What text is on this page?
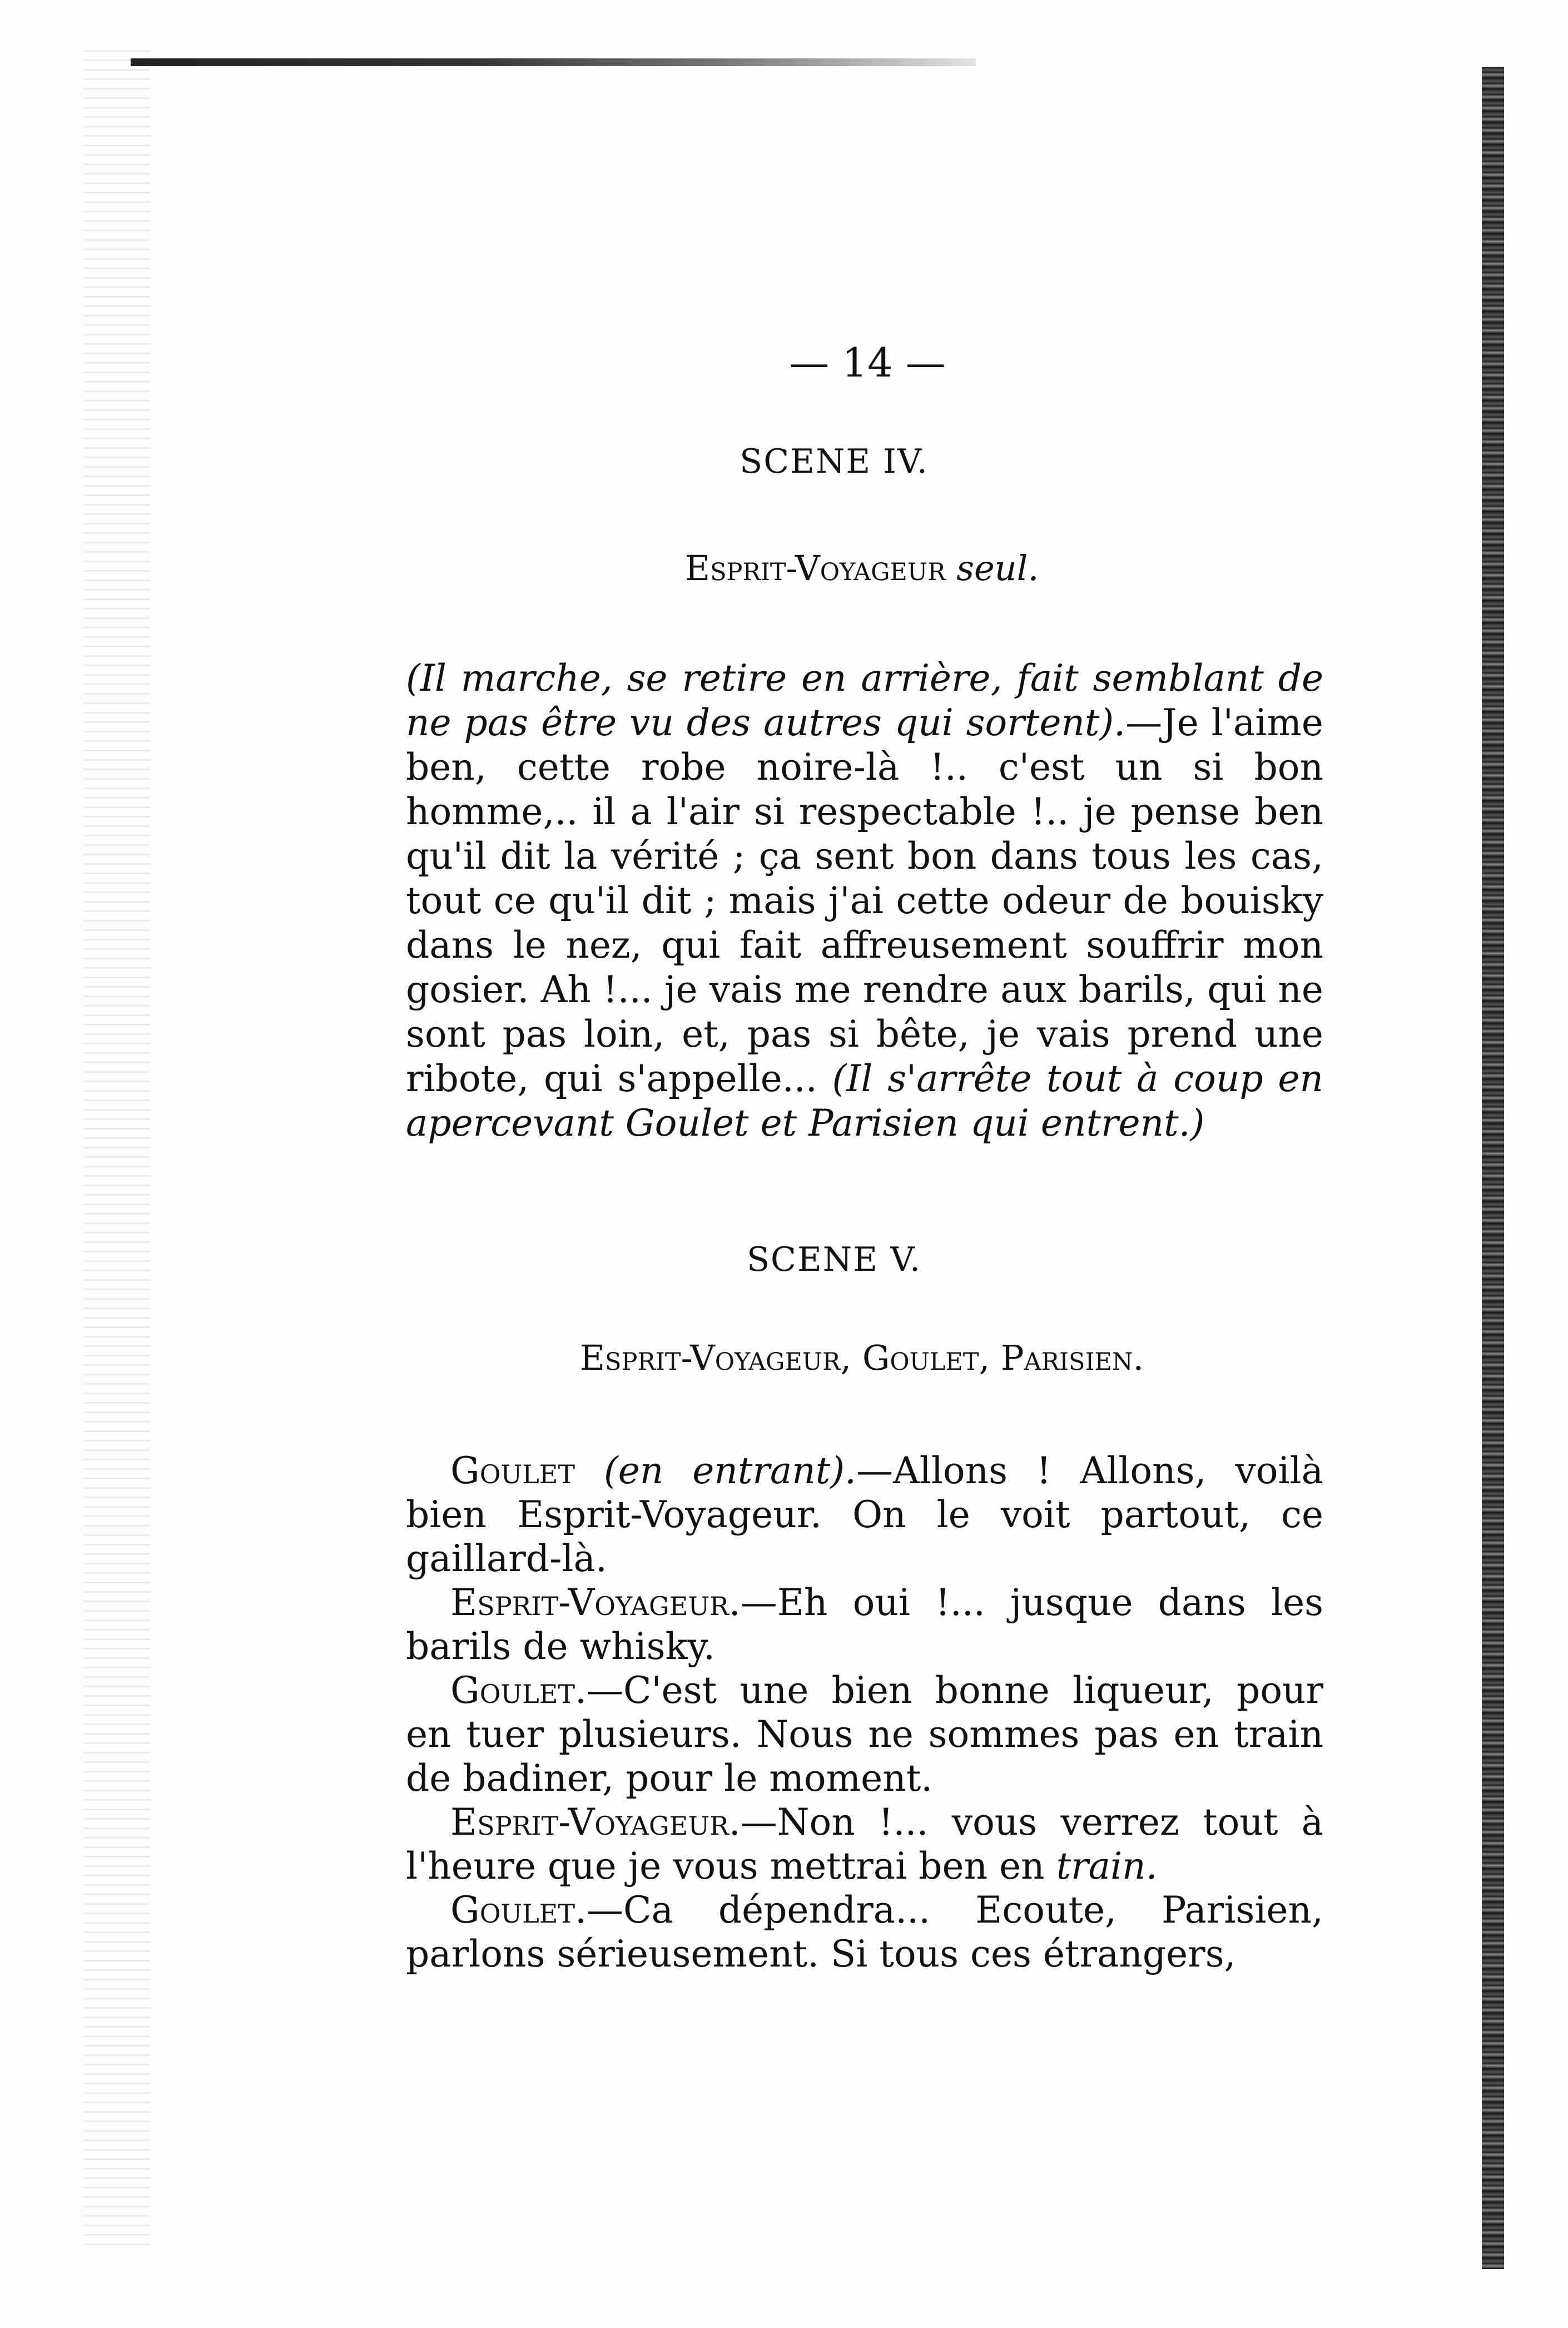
— 14 —
SCENE IV.
Esprit-Voyageur seul.
(Il marche, se retire en arrière, fait semblant de ne pas être vu des autres qui sortent).—Je l'aime ben, cette robe noire-là !.. c'est un si bon homme,.. il a l'air si respectable !.. je pense ben qu'il dit la vérité ; ça sent bon dans tous les cas, tout ce qu'il dit ; mais j'ai cette odeur de bouisky dans le nez, qui fait affreusement souffrir mon gosier. Ah !... je vais me rendre aux barils, qui ne sont pas loin, et, pas si bête, je vais prend une ribote, qui s'appelle... (Il s'arrête tout à coup en apercevant Goulet et Parisien qui entrent.)
SCENE V.
Esprit-Voyageur, Goulet, Parisien.

Goulet (en entrant).—Allons ! Allons, voilà bien Esprit-Voyageur. On le voit partout, ce gaillard-là.

Esprit-Voyageur.—Eh oui !... jusque dans les barils de whisky.

Goulet.—C'est une bien bonne liqueur, pour en tuer plusieurs. Nous ne sommes pas en train de badiner, pour le moment.

Esprit-Voyageur.—Non !... vous verrez tout à l'heure que je vous mettrai ben en train.

Goulet.—Ca dépendra... Ecoute, Parisien, parlons sérieusement. Si tous ces étrangers,
